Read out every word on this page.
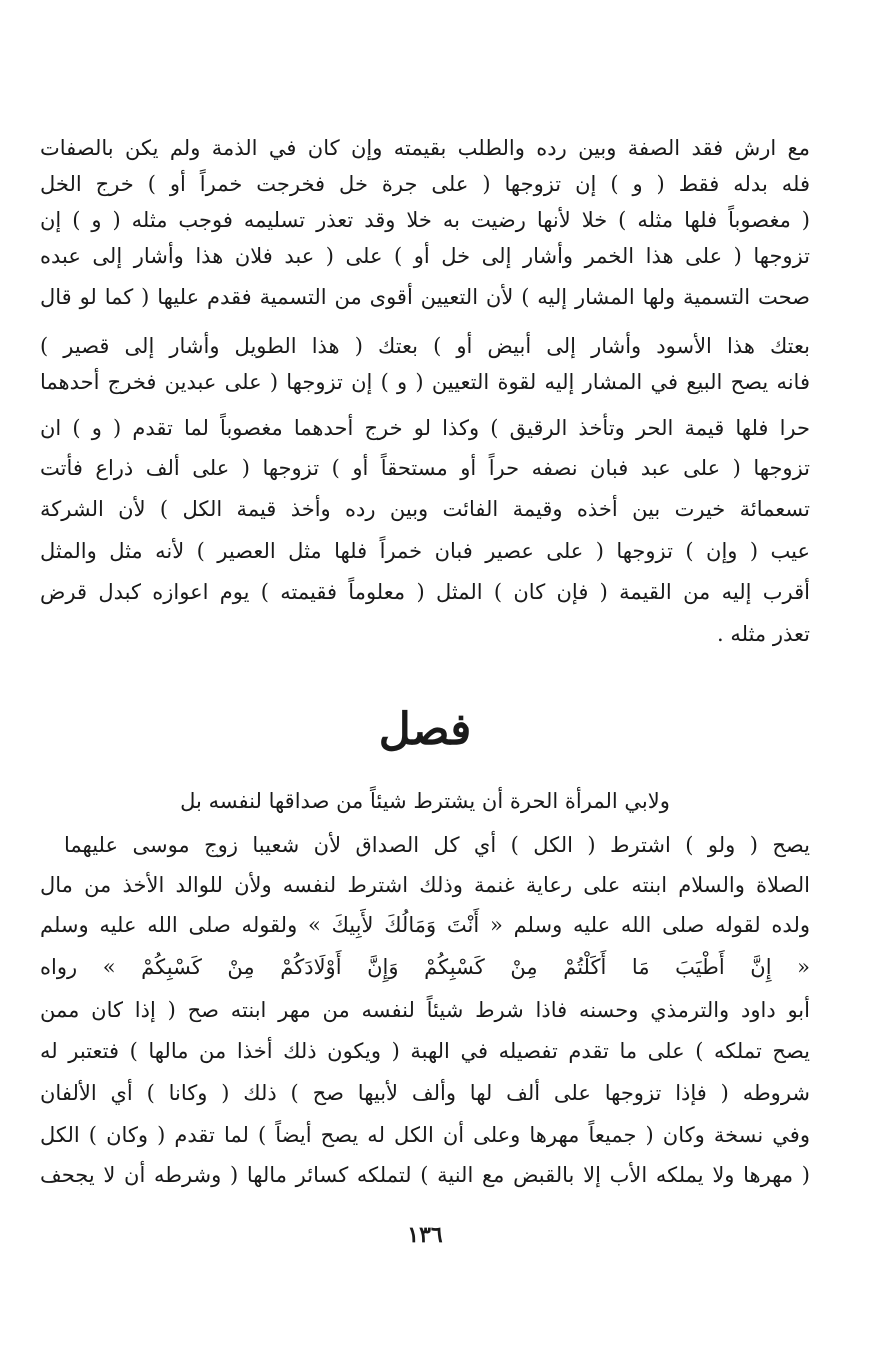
مع ارش فقد الصفة وبين رده والطلب بقيمته وإن كان في الذمة ولم يكن بالصفات
فله بدله فقط ( و ) إن تزوجها ( على جرة خل فخرجت خمراً أو ) خرج الخل
( مغصوباً فلها مثله ) خلا لأنها رضيت به خلا وقد تعذر تسليمه فوجب مثله ( و ) إن
تزوجها ( على هذا الخمر وأشار إلى خل أو ) على ( عبد فلان هذا وأشار إلى عبده
صحت التسمية ولها المشار إليه ) لأن التعيين أقوى من التسمية فقدم عليها ( كما لو قال
بعتك هذا الأسود وأشار إلى أبيض أو ) بعتك ( هذا الطويل وأشار إلى قصير )
فانه يصح البيع في المشار إليه لقوة التعيين ( و ) إن تزوجها ( على عبدين فخرج أحدهما
حرا فلها قيمة الحر وتأخذ الرقيق ) وكذا لو خرج أحدهما مغصوباً لما تقدم ( و ) ان
تزوجها ( على عبد فبان نصفه حراً أو مستحقاً أو ) تزوجها ( على ألف ذراع فأتت
تسعمائة خيرت بين أخذه وقيمة الفائت وبين رده وأخذ قيمة الكل ) لأن الشركة
عيب ( وإن ) تزوجها ( على عصير فبان خمراً فلها مثل العصير ) لأنه مثل والمثل
أقرب إليه من القيمة ( فإن كان ) المثل ( معلوماً فقيمته ) يوم اعوازه كبدل قرض
تعذر مثله .
فصل
ولابي المرأة الحرة أن يشترط شيئاً من صداقها لنفسه بل
يصح ( ولو ) اشترط ( الكل ) أي كل الصداق لأن شعيبا زوج موسى عليهما
الصلاة والسلام ابنته على رعاية غنمة وذلك اشترط لنفسه ولأن للوالد الأخذ من مال
ولده لقوله صلى الله عليه وسلم « أَنْتَ وَمَالُكَ لأَبِيكَ » ولقوله صلى الله عليه وسلم
« إِنَّ أَطْيَبَ مَا أَكَلْتُمْ مِنْ كَسْبِكُمْ وَإِنَّ أَوْلَادَكُمْ مِنْ كَسْبِكُمْ » رواه
أبو داود والترمذي وحسنه فاذا شرط شيئاً لنفسه من مهر ابنته صح ( إذا كان ممن
يصح تملكه ) على ما تقدم تفصيله في الهبة ( ويكون ذلك أخذا من مالها ) فتعتبر له
شروطه ( فإذا تزوجها على ألف لها وألف لأبيها صح ) ذلك ( وكانا ) أي الألفان
وفي نسخة وكان ( جميعاً مهرها وعلى أن الكل له يصح أيضاً ) لما تقدم ( وكان ) الكل
( مهرها ولا يملكه الأب إلا بالقبض مع النية ) لتملكه كسائر مالها ( وشرطه أن لا يجحف
١٣٦
